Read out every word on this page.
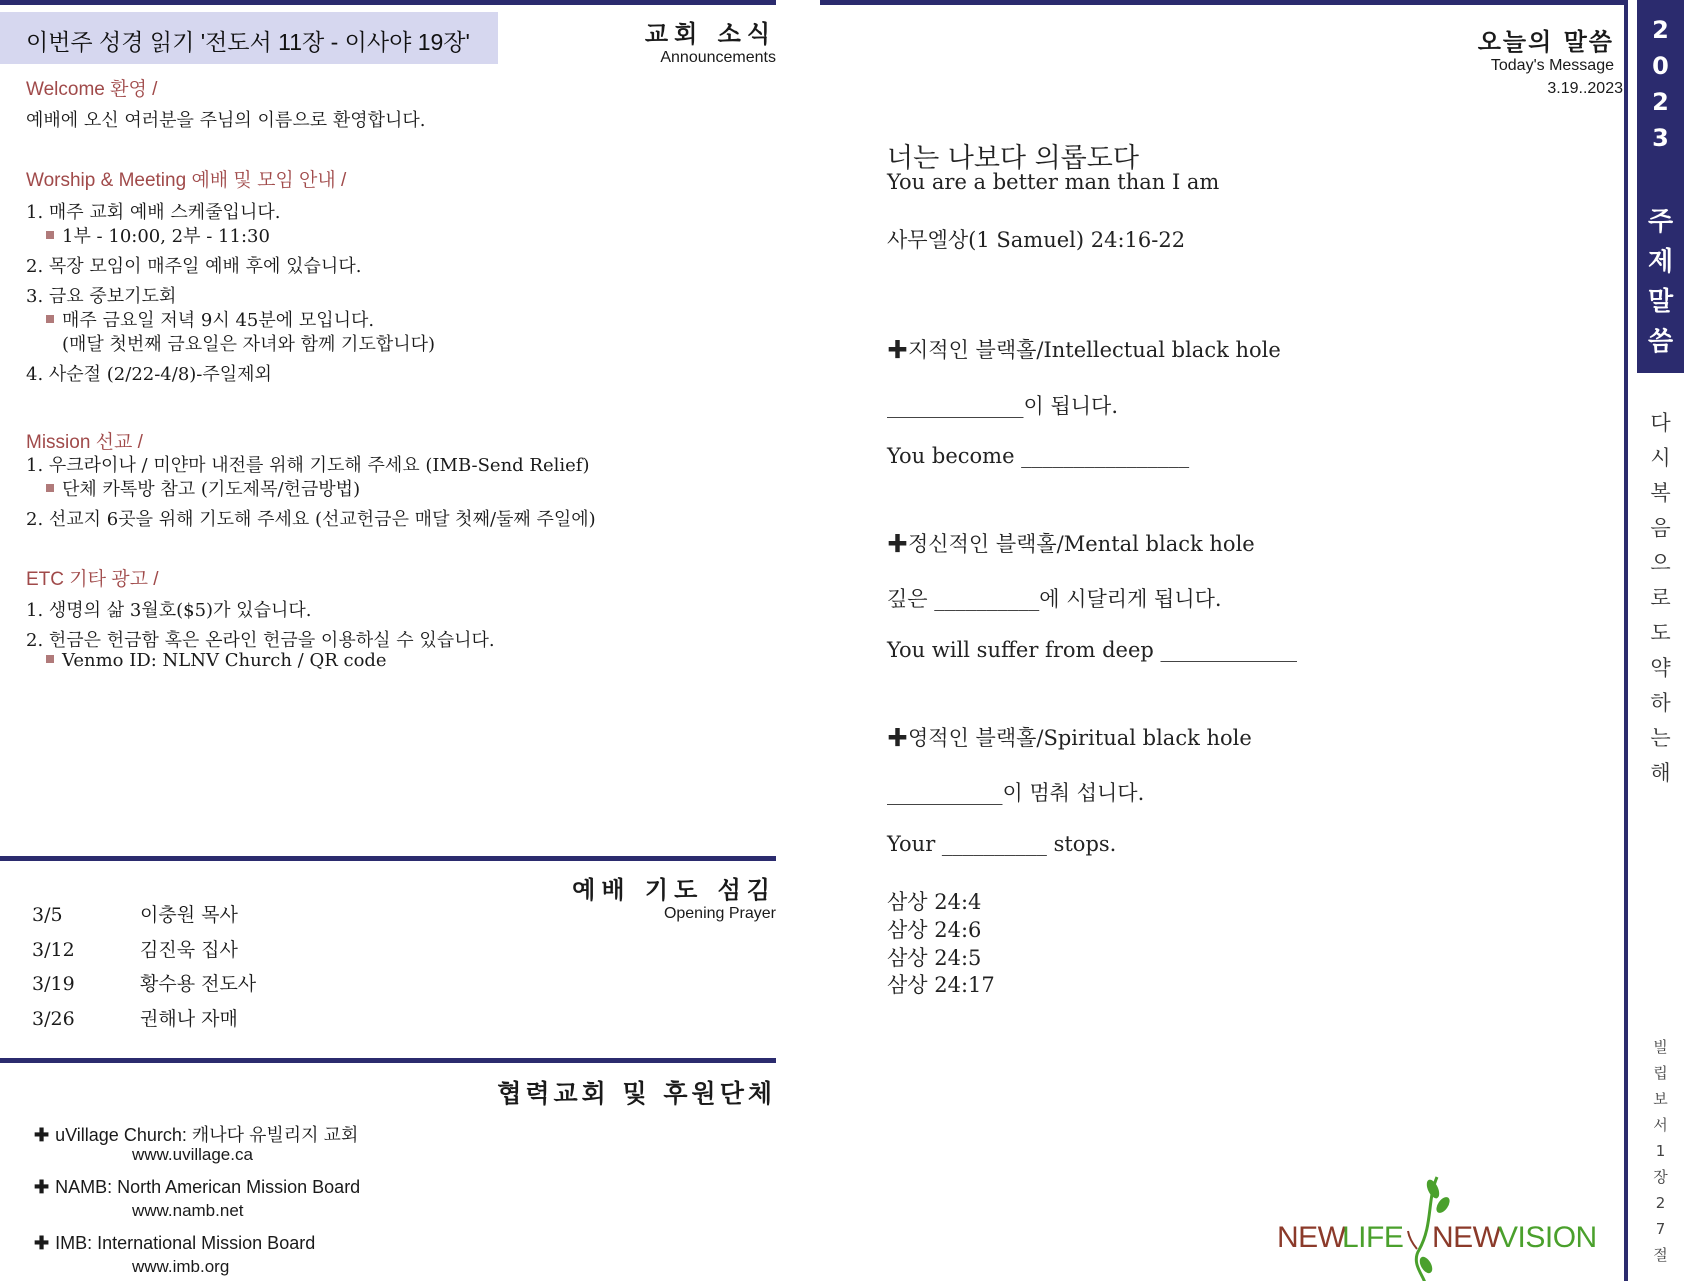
이번주 성경 읽기 '전도서 11장 - 이사야 19장'	교회 소식
Announcements
Welcome 환영 /
예배에 오신 여러분을 주님의 이름으로 환영합니다.
Worship & Meeting 예배 및 모임 안내 /
1. 매주 교회 예배 스케줄입니다.
1부 - 10:00, 2부 - 11:30
2. 목장 모임이 매주일 예배 후에 있습니다.
3. 금요 중보기도회
매주 금요일 저녁 9시 45분에 모입니다.
(매달 첫번째 금요일은 자녀와 함께 기도합니다)
4. 사순절 (2/22-4/8)-주일제외
Mission 선교 /
1. 우크라이나 / 미얀마 내전를 위해 기도해 주세요 (IMB-Send Relief)
단체 카톡방 참고 (기도제목/헌금방법)
2. 선교지 6곳을 위해 기도해 주세요 (선교헌금은 매달 첫째/둘째 주일에)
ETC 기타 광고 /
1. 생명의 삶 3월호($5)가 있습니다.
2. 헌금은 헌금함 혹은 온라인 헌금을 이용하실 수 있습니다.
Venmo ID: NLNV Church / QR code
예배 기도 섬김
Opening Prayer
3/5	이충원 목사
3/12	김진욱 집사
3/19	황수용 전도사
3/26	권해나 자매
협력교회 및 후원단체
✚ uVillage Church: 캐나다 유빌리지 교회
www.uvillage.ca
✚ NAMB: North American Mission Board
www.namb.net
✚ IMB: International Mission Board
www.imb.org
오늘의 말씀
Today's Message
3.19..2023
너는 나보다 의롭도다
You are a better man than I am
사무엘상(1 Samuel) 24:16-22
✚지적인 블랙홀/Intellectual black hole
_____________이 됩니다.
You become ________________
✚정신적인 블랙홀/Mental black hole
깊은 __________에 시달리게 됩니다.
You will suffer from deep _____________
✚영적인 블랙홀/Spiritual black hole
___________이 멈춰 섭니다.
Your __________ stops.
삼상 24:4
삼상 24:6
삼상 24:5
삼상 24:17
NEW
LIFE NEW
VISION
2
0
2
3
주
제
말
씀
다
시
복
음
으
로
도
약
하
는
해
빌
립
보
서
1
장
2
7
절
